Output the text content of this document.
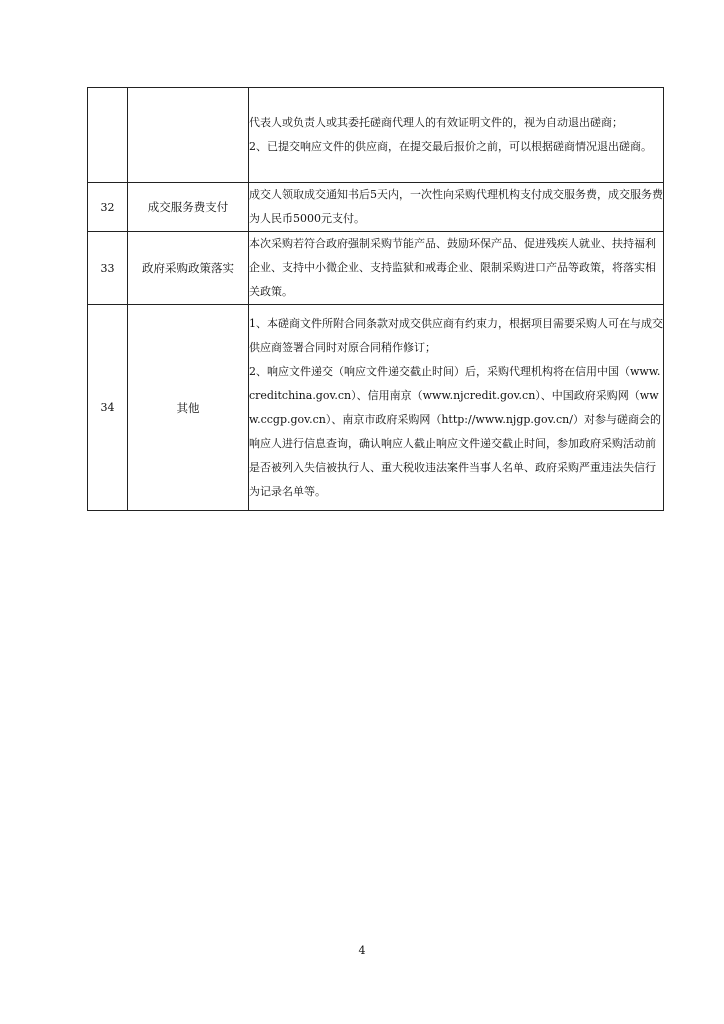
		代表人或负责人或其委托磋商代理人的有效证明文件的，视为自动退出磋商；
2、已提交响应文件的供应商，在提交最后报价之前，可以根据磋商情况退出磋商。

32	成交服务费支付	成交人领取成交通知书后5天内，一次性向采购代理机构支付成交服务费，成交服务费为人民币5000元支付。

33	政府采购政策落实	本次采购若符合政府强制采购节能产品、鼓励环保产品、促进残疾人就业、扶持福利企业、支持中小微企业、支持监狱和戒毒企业、限制采购进口产品等政策，将落实相关政策。

34	其他	1、本磋商文件所附合同条款对成交供应商有约束力，根据项目需要采购人可在与成交供应商签署合同时对原合同稍作修订；
2、响应文件递交（响应文件递交截止时间）后，采购代理机构将在信用中国（www.creditchina.gov.cn）、信用南京（www.njcredit.gov.cn）、中国政府采购网（www.ccgp.gov.cn）、南京市政府采购网（http://www.njgp.gov.cn/）对参与磋商会的响应人进行信息查询，确认响应人截止响应文件递交截止时间，参加政府采购活动前是否被列入失信被执行人、重大税收违法案件当事人名单、政府采购严重违法失信行为记录名单等。
4
